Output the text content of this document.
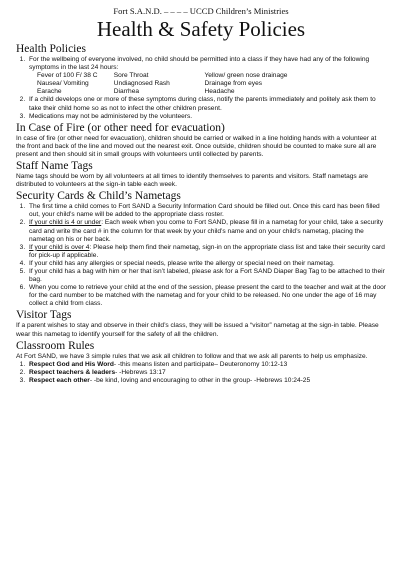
Fort S.A.N.D. – – – – UCCD Children’s Ministries
Health & Safety Policies
Health Policies
1. For the wellbeing of everyone involved, no child should be permitted into a class if they have had any of the following symptoms in the last 24 hours:
Fever of 100 F/ 38 C	Sore Throat	Yellow/ green nose drainage
Nausea/ Vomiting	Undiagnosed Rash	Drainage from eyes
Earache	Diarrhea	Headache
2. If a child develops one or more of these symptoms during class, notify the parents immediately and politely ask them to take their child home so as not to infect the other children present.
3. Medications may not be administered by the volunteers.
In Case of Fire (or other need for evacuation)

In case of fire (or other need for evacuation), children should be carried or walked in a line holding hands with a volunteer at the front and back of the line and moved out the nearest exit. Once outside, children should be counted to make sure all are present and then should sit in small groups with volunteers until collected by parents.

Staff Name Tags

Name tags should be worn by all volunteers at all times to identify themselves to parents and visitors. Staff nametags are distributed to volunteers at the sign-in table each week.

Security Cards & Child’s Nametags
1. The first time a child comes to Fort SAND a Security Information Card should be filled out. Once this card has been filled out, your child’s name will be added to the appropriate class roster.
2. If your child is 4 or under: Each week when you come to Fort SAND, please fill in a nametag for your child, take a security card and write the card # in the column for that week by your child’s name and on your child’s nametag, placing the nametag on his or her back.
3. If your child is over 4: Please help them find their nametag, sign-in on the appropriate class list and take their security card for pick-up if applicable.
4. If your child has any allergies or special needs, please write the allergy or special need on their nametag.
5. If your child has a bag with him or her that isn’t labeled, please ask for a Fort SAND Diaper Bag Tag to be attached to their bag.
6. When you come to retrieve your child at the end of the session, please present the card to the teacher and wait at the door for the card number to be matched with the nametag and for your child to be released. No one under the age of 16 may collect a child from class.
Visitor Tags

If a parent wishes to stay and observe in their child’s class, they will be issued a “visitor” nametag at the sign-in table. Please wear this nametag to identify yourself for the safety of all the children.

Classroom Rules

At Fort SAND, we have 3 simple rules that we ask all children to follow and that we ask all parents to help us emphasize.

1. Respect God and His Word- -this means listen and participate– Deuteronomy 10:12-13
2. Respect teachers & leaders- -Hebrews 13:17
3. Respect each other- -be kind, loving and encouraging to other in the group- -Hebrews 10:24-25
